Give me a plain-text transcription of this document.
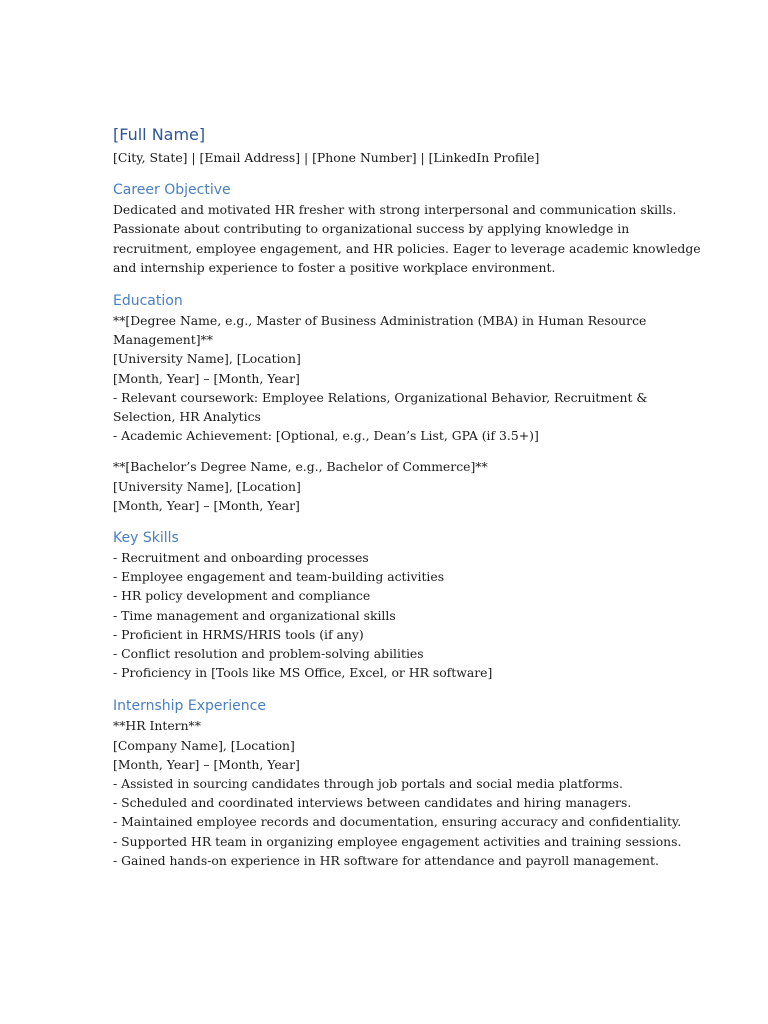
[Full Name]
[City, State] | [Email Address] | [Phone Number] | [LinkedIn Profile]
Career Objective
Dedicated and motivated HR fresher with strong interpersonal and communication skills.
Passionate about contributing to organizational success by applying knowledge in
recruitment, employee engagement, and HR policies. Eager to leverage academic knowledge
and internship experience to foster a positive workplace environment.
Education
**[Degree Name, e.g., Master of Business Administration (MBA) in Human Resource
Management]**
[University Name], [Location]
[Month, Year] – [Month, Year]
- Relevant coursework: Employee Relations, Organizational Behavior, Recruitment &
Selection, HR Analytics
- Academic Achievement: [Optional, e.g., Dean’s List, GPA (if 3.5+)]
**[Bachelor’s Degree Name, e.g., Bachelor of Commerce]**
[University Name], [Location]
[Month, Year] – [Month, Year]
Key Skills
- Recruitment and onboarding processes
- Employee engagement and team-building activities
- HR policy development and compliance
- Time management and organizational skills
- Proficient in HRMS/HRIS tools (if any)
- Conflict resolution and problem-solving abilities
- Proficiency in [Tools like MS Office, Excel, or HR software]
Internship Experience
**HR Intern**
[Company Name], [Location]
[Month, Year] – [Month, Year]
- Assisted in sourcing candidates through job portals and social media platforms.
- Scheduled and coordinated interviews between candidates and hiring managers.
- Maintained employee records and documentation, ensuring accuracy and confidentiality.
- Supported HR team in organizing employee engagement activities and training sessions.
- Gained hands-on experience in HR software for attendance and payroll management.
